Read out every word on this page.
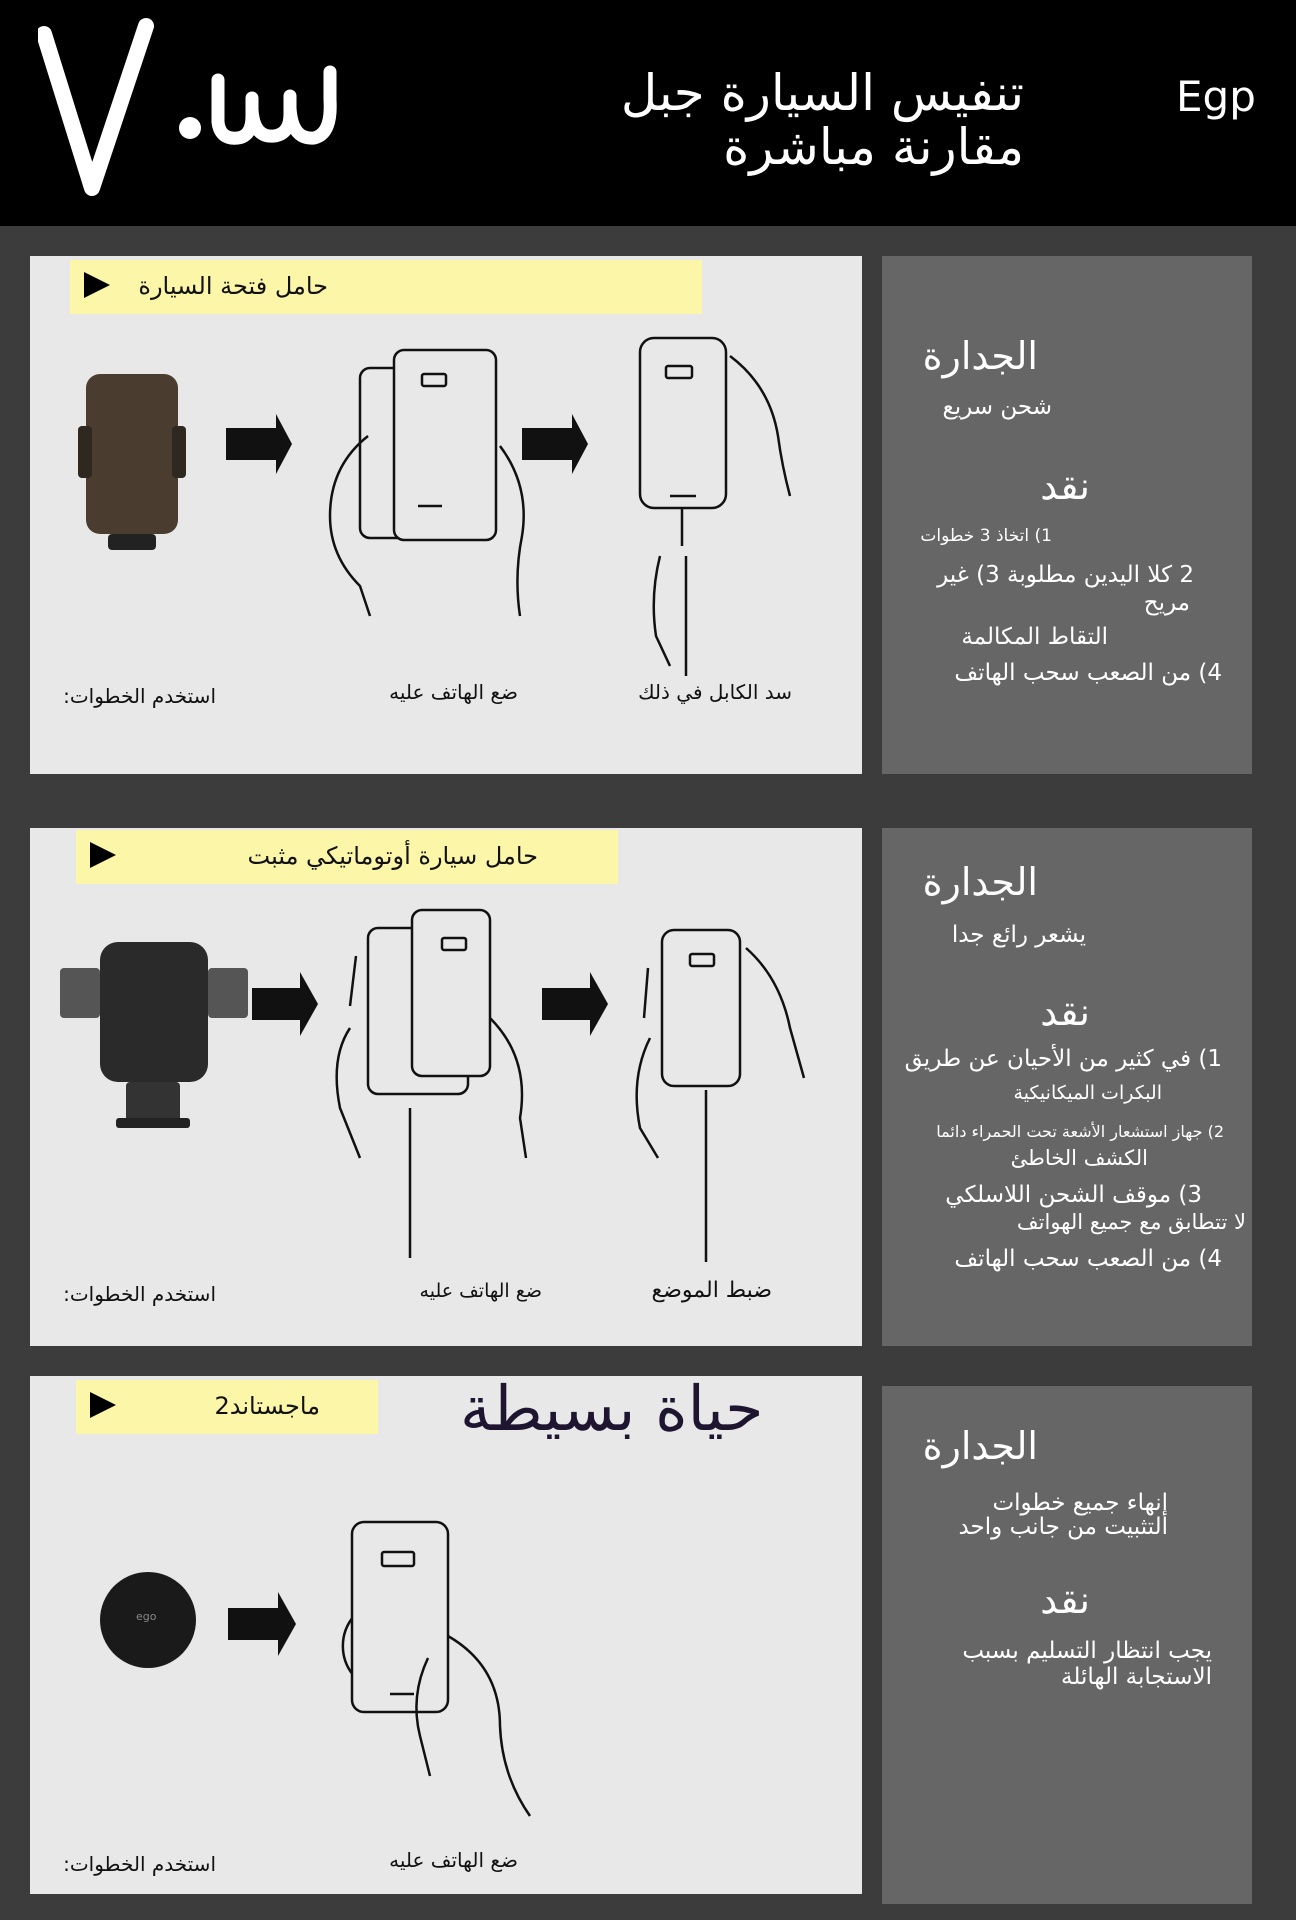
تنفيس السيارة جبل
مقارنة مباشرة
Egp
حامل فتحة السيارة
استخدم الخطوات:	ضع الهاتف عليه	سد الكابل في ذلك
الجدارة
شحن سريع
نقد
1) اتخاذ 3 خطوات
2 كلا اليدين مطلوبة 3) غير
مريح
التقاط المكالمة
4) من الصعب سحب الهاتف
حامل سيارة أوتوماتيكي مثبت
استخدم الخطوات:	ضع الهاتف عليه	ضبط الموضع
الجدارة
يشعر رائع جدا
نقد
1) في كثير من الأحيان عن طريق
البكرات الميكانيكية
2) جهاز استشعار الأشعة تحت الحمراء دائما
الكشف الخاطئ
3) موقف الشحن اللاسلكي
لا تتطابق مع جميع الهواتف
4) من الصعب سحب الهاتف
ماجستاند2
استخدم الخطوات:	ضع الهاتف عليه
حياة بسيطة
ego
الجدارة
إنهاء جميع خطوات
التثبيت من جانب واحد
نقد
يجب انتظار التسليم بسبب
الاستجابة الهائلة
